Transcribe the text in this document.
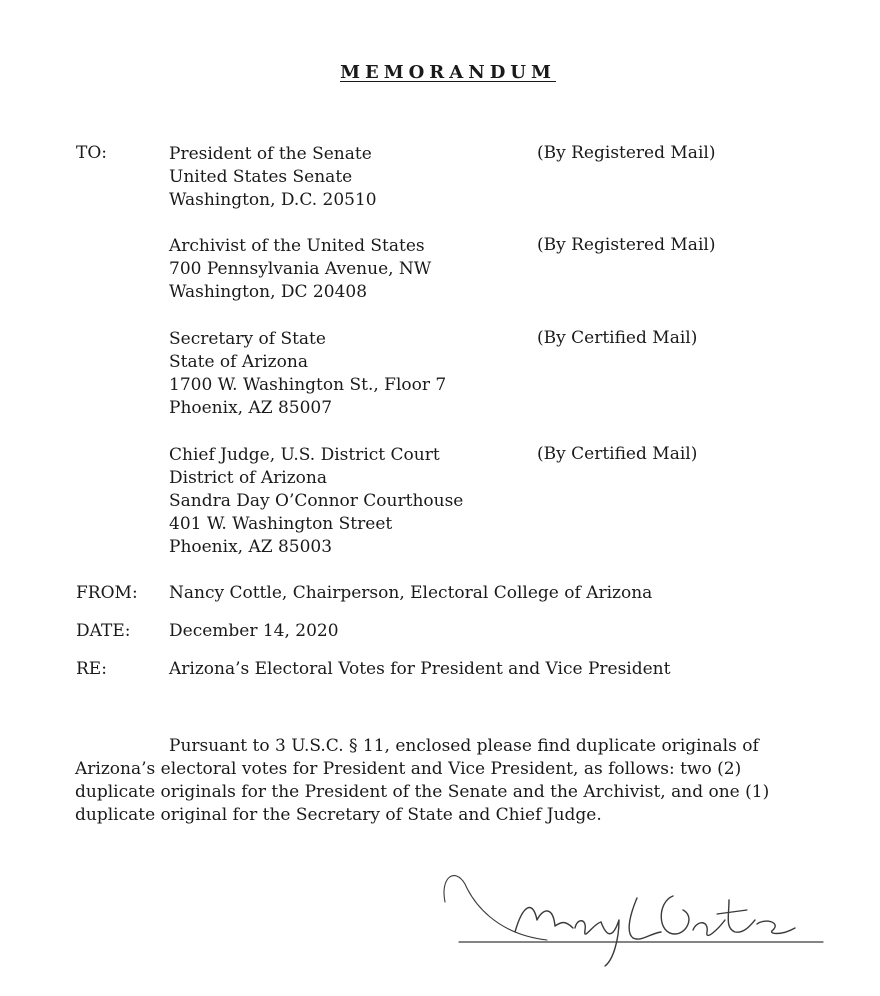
MEMORANDUM
TO:	President of the Senate
United States Senate
Washington, D.C. 20510
(By Registered Mail)
Archivist of the United States
700 Pennsylvania Avenue, NW
Washington, DC 20408
(By Registered Mail)
Secretary of State
State of Arizona
1700 W. Washington St., Floor 7
Phoenix, AZ 85007
(By Certified Mail)
Chief Judge, U.S. District Court
District of Arizona
Sandra Day O’Connor Courthouse
401 W. Washington Street
Phoenix, AZ 85003
(By Certified Mail)
FROM: Nancy Cottle, Chairperson, Electoral College of Arizona
DATE: December 14, 2020
RE:	Arizona’s Electoral Votes for President and Vice President
Pursuant to 3 U.S.C. § 11, enclosed please find duplicate originals of
Arizona’s electoral votes for President and Vice President, as follows: two (2)
duplicate originals for the President of the Senate and the Archivist, and one (1)
duplicate original for the Secretary of State and Chief Judge.
